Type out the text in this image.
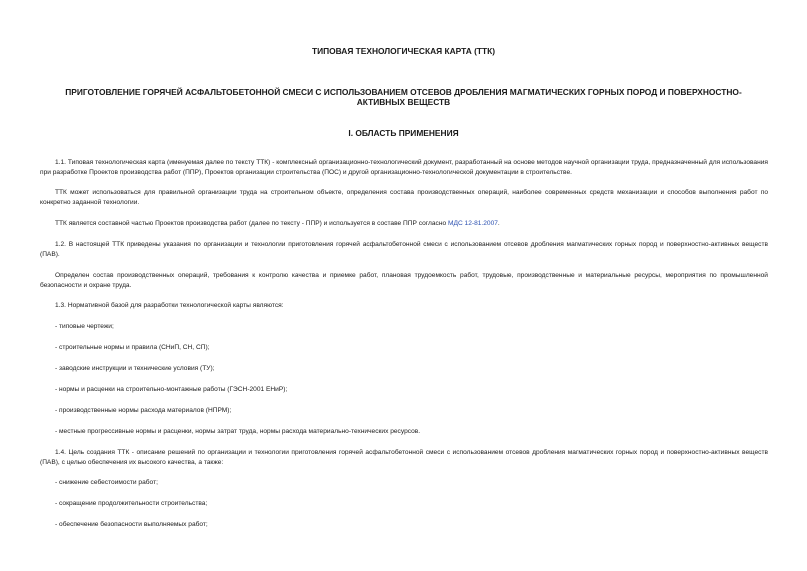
ТИПОВАЯ ТЕХНОЛОГИЧЕСКАЯ КАРТА (ТТК)
ПРИГОТОВЛЕНИЕ ГОРЯЧЕЙ АСФАЛЬТОБЕТОННОЙ СМЕСИ С ИСПОЛЬЗОВАНИЕМ ОТСЕВОВ ДРОБЛЕНИЯ МАГМАТИЧЕСКИХ ГОРНЫХ ПОРОД И ПОВЕРХНОСТНО-АКТИВНЫХ ВЕЩЕСТВ
I. ОБЛАСТЬ ПРИМЕНЕНИЯ

1.1. Типовая технологическая карта (именуемая далее по тексту ТТК) - комплексный организационно-технологический документ, разработанный на основе методов научной организации труда, предназначенный для использования при разработке Проектов производства работ (ППР), Проектов организации строительства (ПОС) и другой организационно-технологической документации в строительстве.

ТТК может использоваться для правильной организации труда на строительном объекте, определения состава производственных операций, наиболее современных средств механизации и способов выполнения работ по конкретно заданной технологии.

ТТК является составной частью Проектов производства работ (далее по тексту - ППР) и используется в составе ППР согласно МДС 12-81.2007.

1.2. В настоящей ТТК приведены указания по организации и технологии приготовления горячей асфальтобетонной смеси с использованием отсевов дробления магматических горных пород и поверхностно-активных веществ (ПАВ).

Определен состав производственных операций, требования к контролю качества и приемке работ, плановая трудоемкость работ, трудовые, производственные и материальные ресурсы, мероприятия по промышленной безопасности и охране труда.

1.3. Нормативной базой для разработки технологической карты являются:

- типовые чертежи;

- строительные нормы и правила (СНиП, СН, СП);

- заводские инструкции и технические условия (ТУ);

- нормы и расценки на строительно-монтажные работы (ГЭСН-2001 ЕНиР);

- производственные нормы расхода материалов (НПРМ);

- местные прогрессивные нормы и расценки, нормы затрат труда, нормы расхода материально-технических ресурсов.

1.4. Цель создания ТТК - описание решений по организации и технологии приготовления горячей асфальтобетонной смеси с использованием отсевов дробления магматических горных пород и поверхностно-активных веществ (ПАВ), с целью обеспечения их высокого качества, а также:

- снижение себестоимости работ;

- сокращение продолжительности строительства;

- обеспечение безопасности выполняемых работ;
